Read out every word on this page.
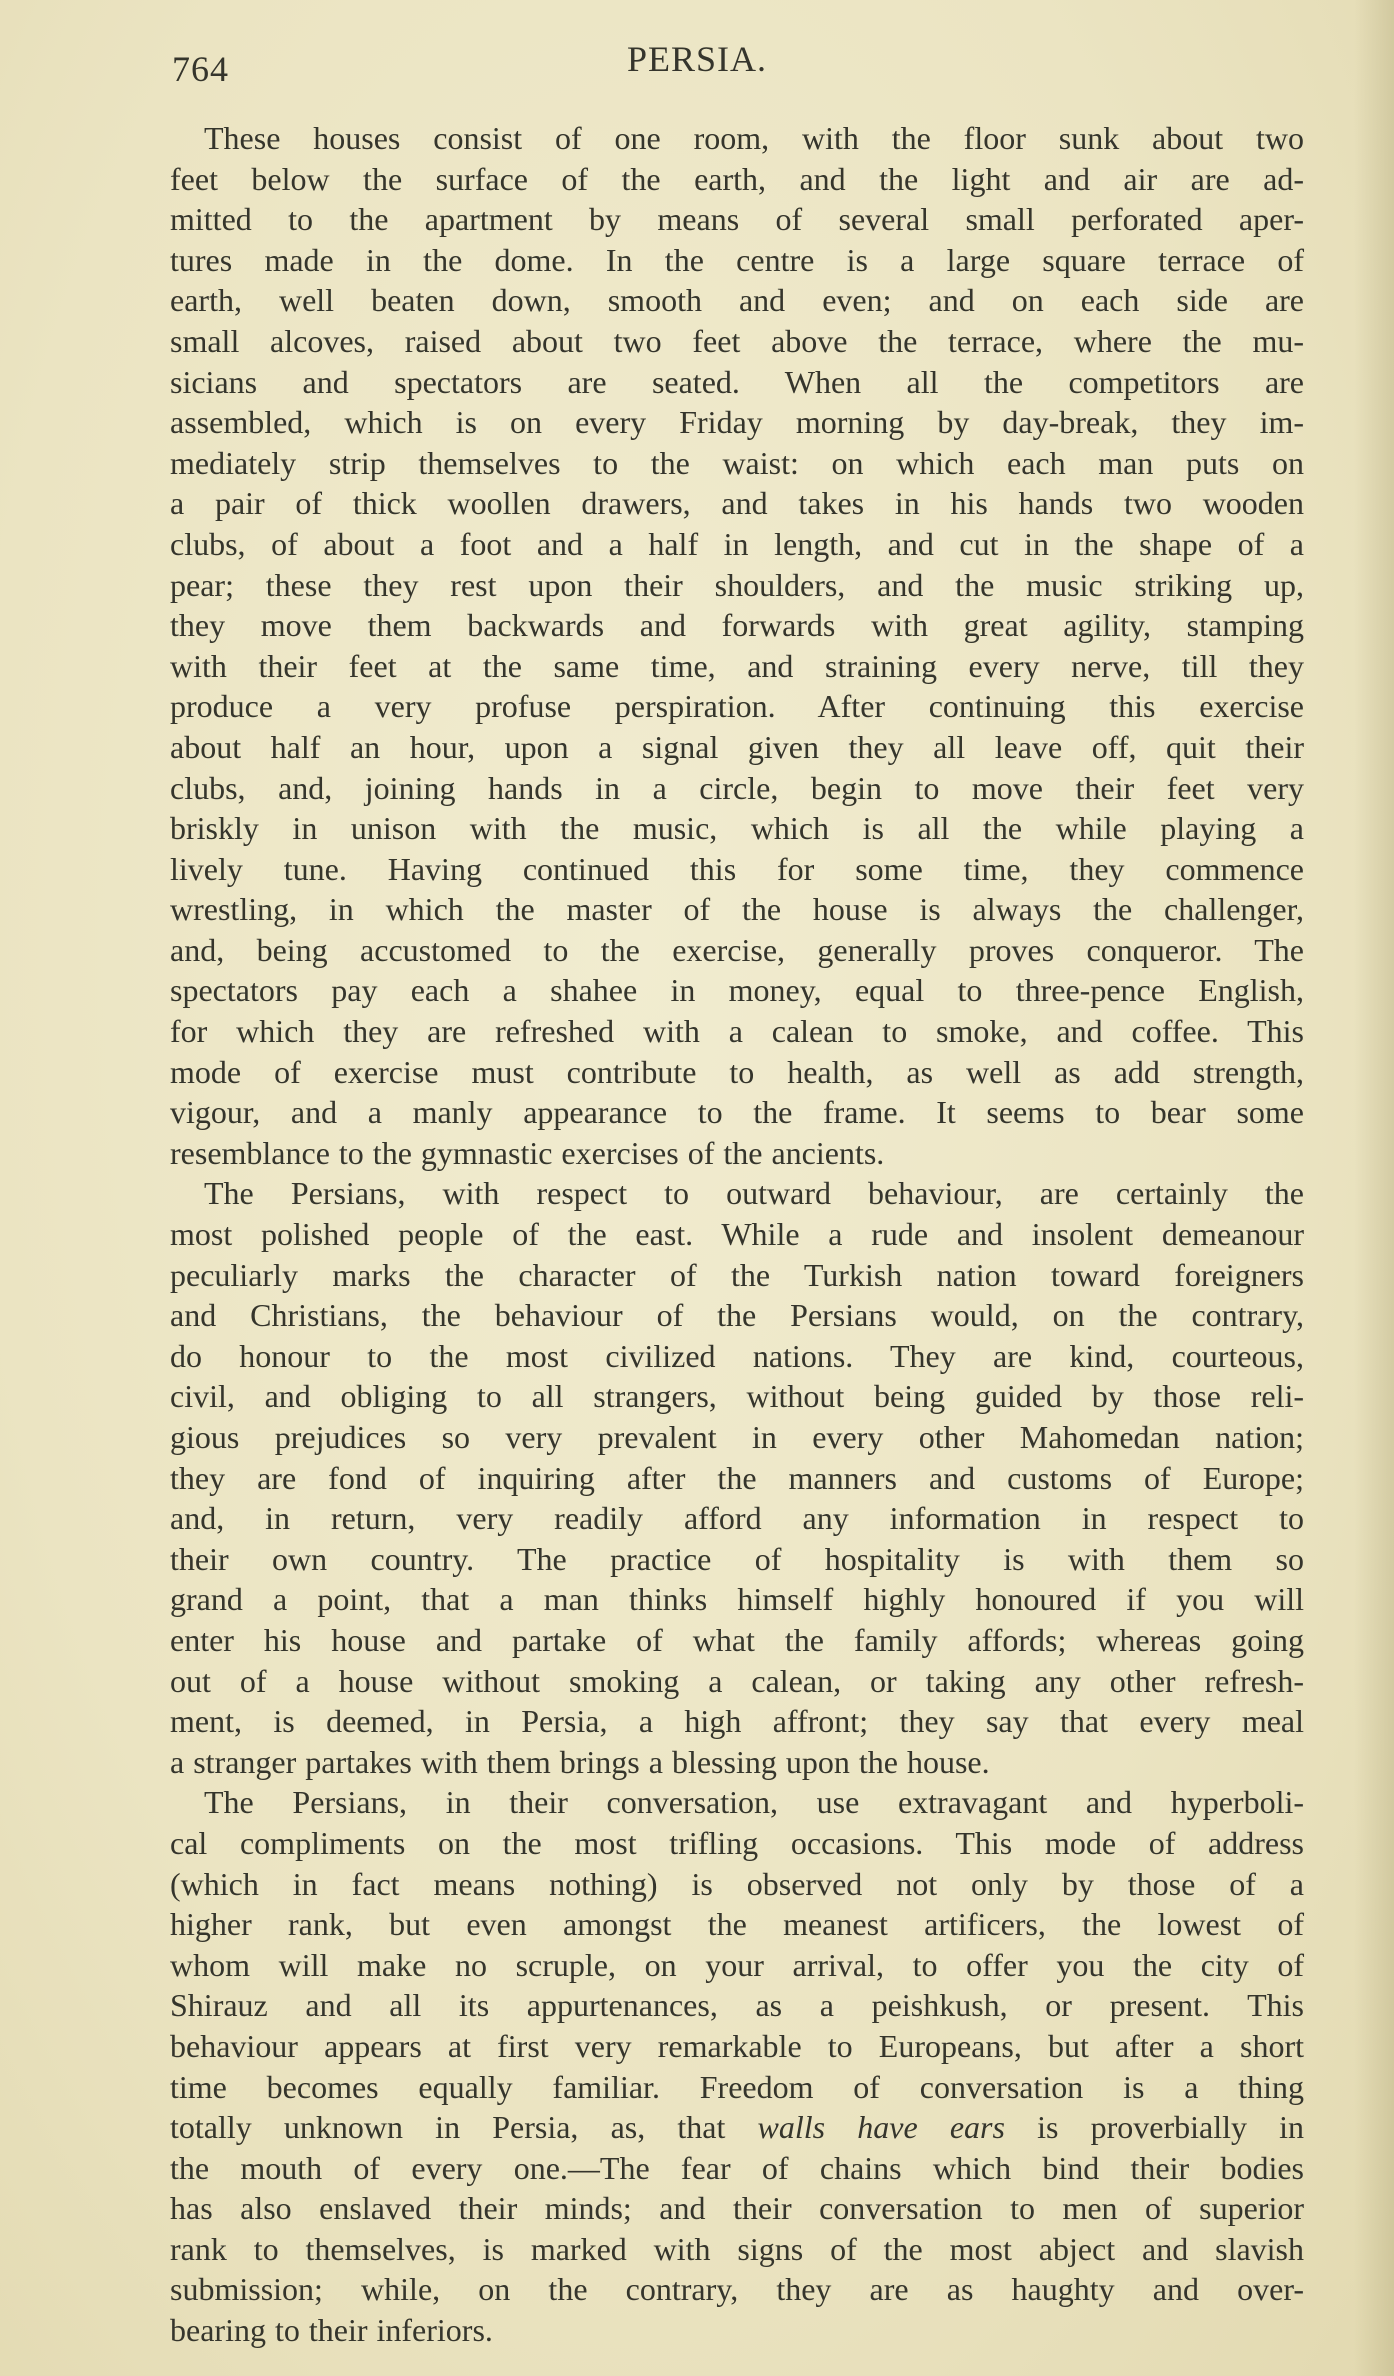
764	PERSIA.
These houses consist of one room, with the floor sunk about two
feet below the surface of the earth, and the light and air are ad-
mitted to the apartment by means of several small perforated aper-
tures made in the dome. In the centre is a large square terrace of
earth, well beaten down, smooth and even; and on each side are
small alcoves, raised about two feet above the terrace, where the mu-
sicians and spectators are seated. When all the competitors are
assembled, which is on every Friday morning by day-break, they im-
mediately strip themselves to the waist: on which each man puts on
a pair of thick woollen drawers, and takes in his hands two wooden
clubs, of about a foot and a half in length, and cut in the shape of a
pear; these they rest upon their shoulders, and the music striking up,
they move them backwards and forwards with great agility, stamping
with their feet at the same time, and straining every nerve, till they
produce a very profuse perspiration. After continuing this exercise
about half an hour, upon a signal given they all leave off, quit their
clubs, and, joining hands in a circle, begin to move their feet very
briskly in unison with the music, which is all the while playing a
lively tune. Having continued this for some time, they commence
wrestling, in which the master of the house is always the challenger,
and, being accustomed to the exercise, generally proves conqueror. The
spectators pay each a shahee in money, equal to three-pence English,
for which they are refreshed with a calean to smoke, and coffee. This
mode of exercise must contribute to health, as well as add strength,
vigour, and a manly appearance to the frame. It seems to bear some
resemblance to the gymnastic exercises of the ancients.
The Persians, with respect to outward behaviour, are certainly the
most polished people of the east. While a rude and insolent demeanour
peculiarly marks the character of the Turkish nation toward foreigners
and Christians, the behaviour of the Persians would, on the contrary,
do honour to the most civilized nations. They are kind, courteous,
civil, and obliging to all strangers, without being guided by those reli-
gious prejudices so very prevalent in every other Mahomedan nation;
they are fond of inquiring after the manners and customs of Europe;
and, in return, very readily afford any information in respect to
their own country. The practice of hospitality is with them so
grand a point, that a man thinks himself highly honoured if you will
enter his house and partake of what the family affords; whereas going
out of a house without smoking a calean, or taking any other refresh-
ment, is deemed, in Persia, a high affront; they say that every meal
a stranger partakes with them brings a blessing upon the house.
The Persians, in their conversation, use extravagant and hyperboli-
cal compliments on the most trifling occasions. This mode of address
(which in fact means nothing) is observed not only by those of a
higher rank, but even amongst the meanest artificers, the lowest of
whom will make no scruple, on your arrival, to offer you the city of
Shirauz and all its appurtenances, as a peishkush, or present. This
behaviour appears at first very remarkable to Europeans, but after a short
time becomes equally familiar. Freedom of conversation is a thing
totally unknown in Persia, as, that walls have ears is proverbially in
the mouth of every one.—The fear of chains which bind their bodies
has also enslaved their minds; and their conversation to men of superior
rank to themselves, is marked with signs of the most abject and slavish
submission; while, on the contrary, they are as haughty and over-
bearing to their inferiors.
